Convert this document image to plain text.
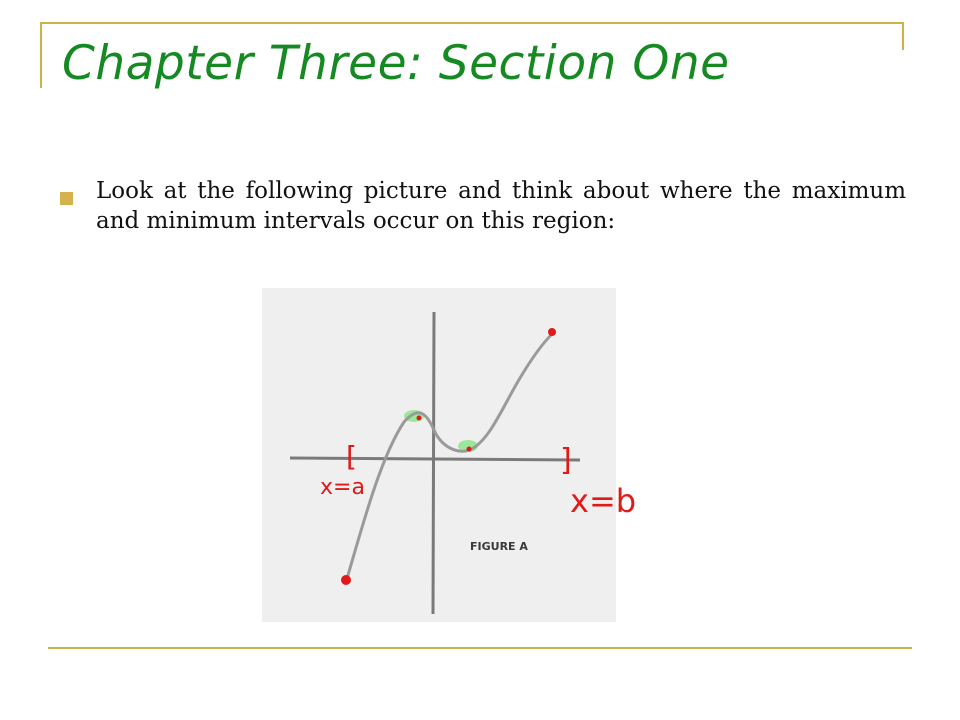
Chapter Three: Section One
Look at the following picture and think about where the maximum and minimum intervals occur on this region:
[
x=a
]
FIGURE A
x=b
